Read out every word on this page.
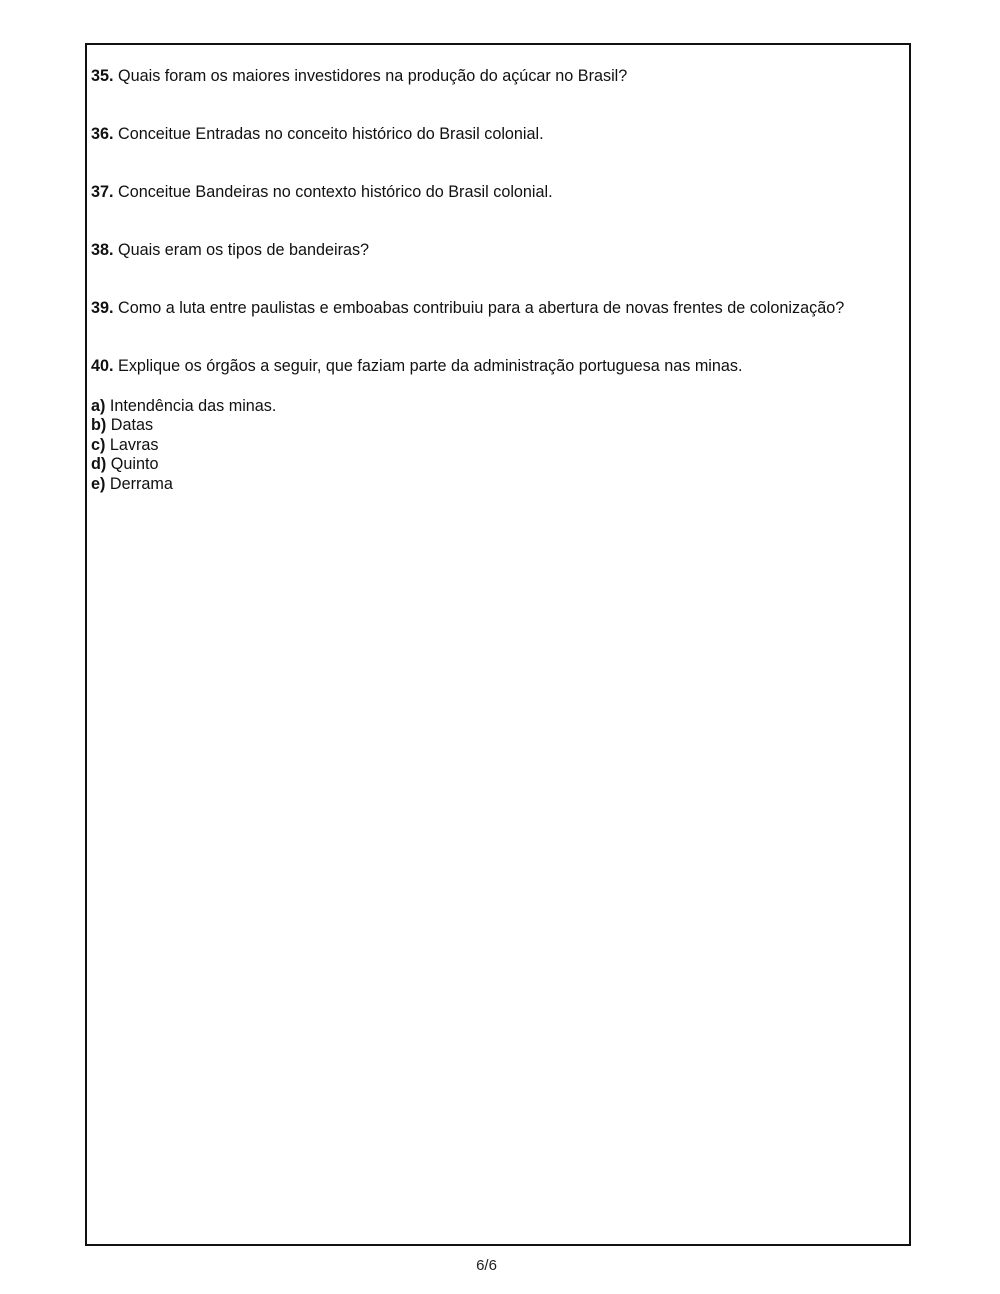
35. Quais foram os maiores investidores na produção do açúcar no Brasil?

36. Conceitue Entradas no conceito histórico do Brasil colonial.

37. Conceitue Bandeiras no contexto histórico do Brasil colonial.

38. Quais eram os tipos de bandeiras?

39. Como a luta entre paulistas e emboabas contribuiu para a abertura de novas frentes de colonização?

40. Explique os órgãos a seguir, que faziam parte da administração portuguesa nas minas.

a) Intendência das minas.
b) Datas
c) Lavras
d) Quinto
e) Derrama
6/6
